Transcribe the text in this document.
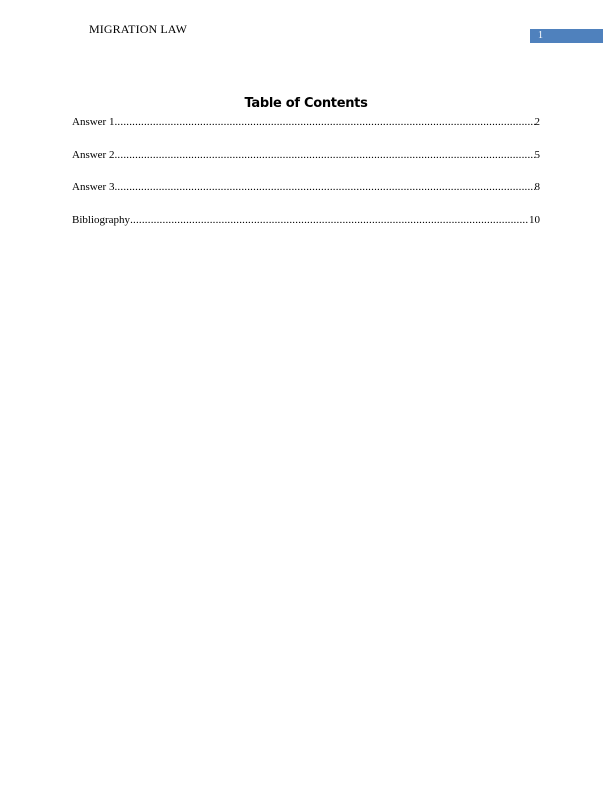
MIGRATION LAW	1
Table of Contents
Answer 1 .....	2
Answer 2 .....	5
Answer 3 .....	8
Bibliography .....	10
